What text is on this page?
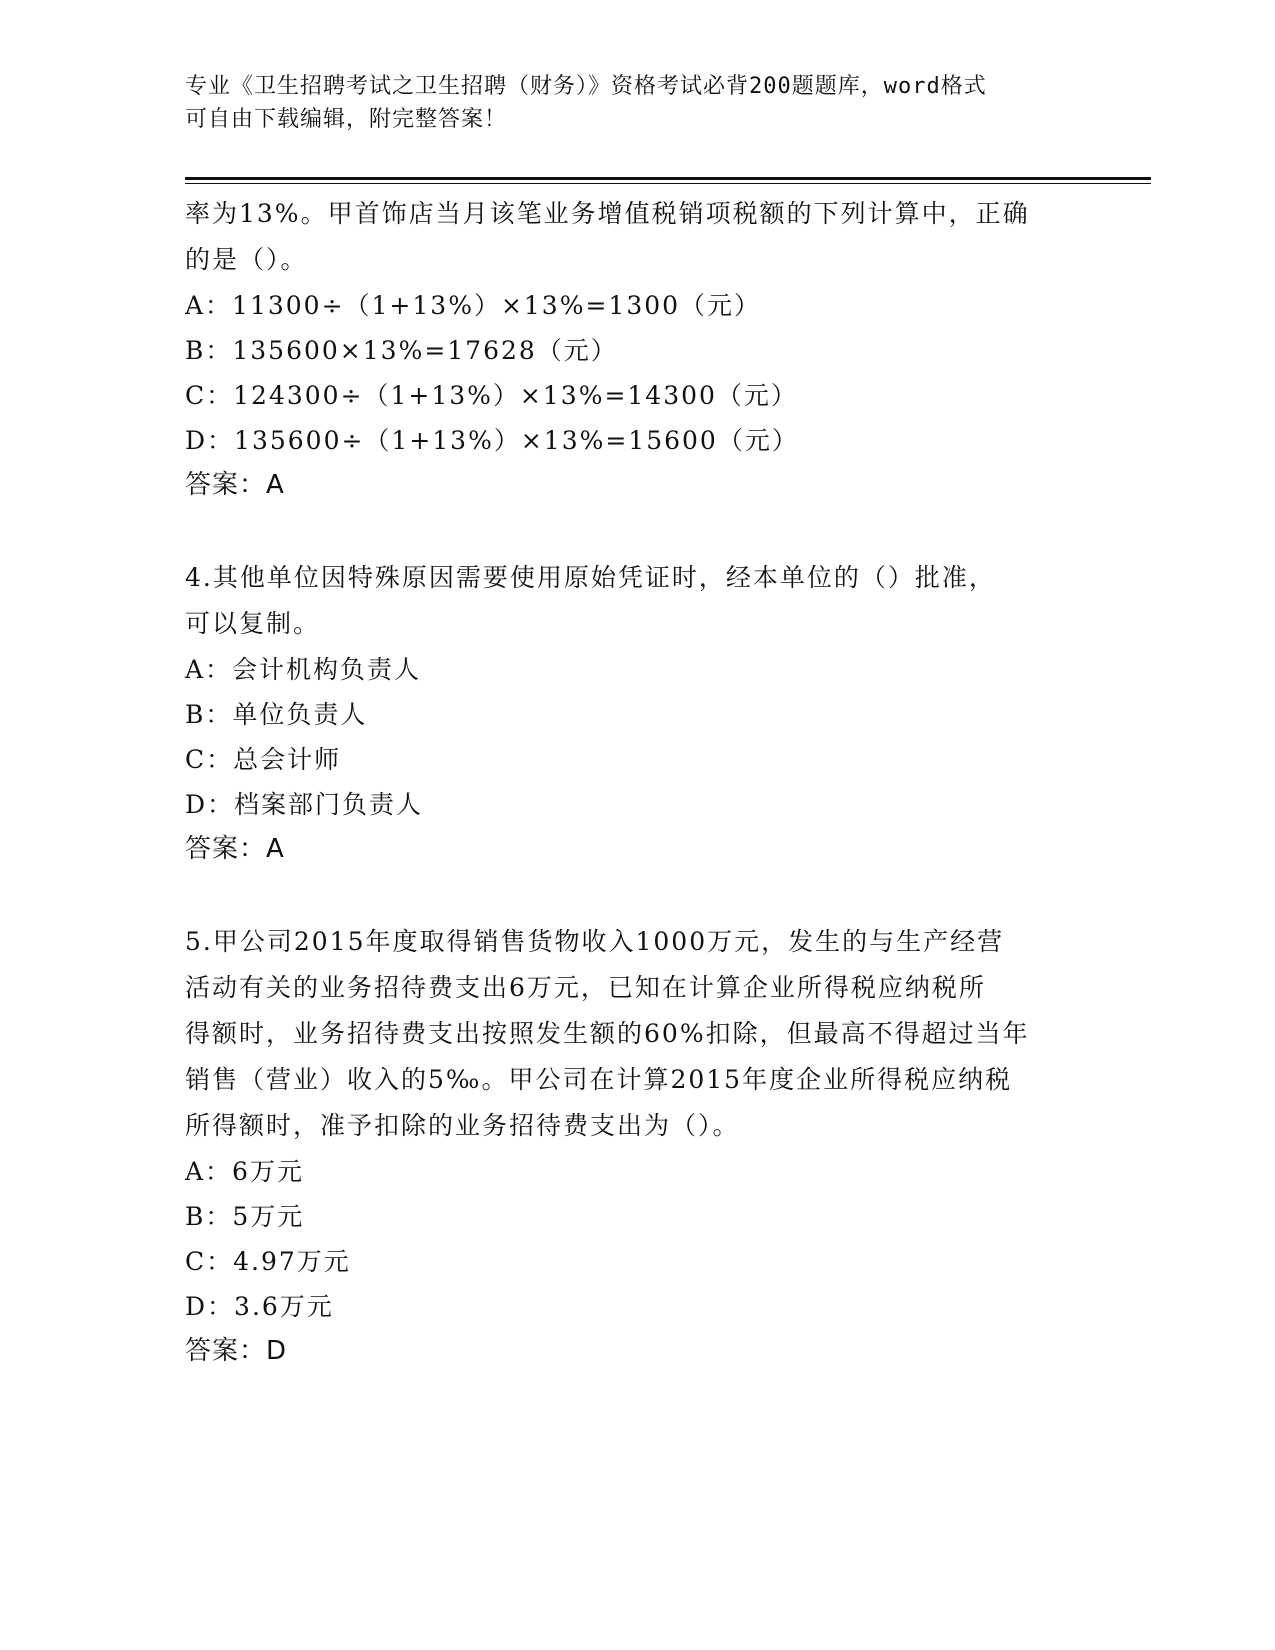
专业《卫生招聘考试之卫生招聘（财务）》资格考试必背200题题库，word格式
可自由下载编辑，附完整答案！
率为13%。甲首饰店当月该笔业务增值税销项税额的下列计算中，正确
的是（）。
A：11300÷（1+13%）×13%=1300（元）
B：135600×13%=17628（元）
C：124300÷（1+13%）×13%=14300（元）
D：135600÷（1+13%）×13%=15600（元）
答案：A
4.其他单位因特殊原因需要使用原始凭证时，经本单位的（）批准，
可以复制。
A：会计机构负责人
B：单位负责人
C：总会计师
D：档案部门负责人
答案：A
5.甲公司2015年度取得销售货物收入1000万元，发生的与生产经营
活动有关的业务招待费支出6万元，已知在计算企业所得税应纳税所
得额时，业务招待费支出按照发生额的60%扣除，但最高不得超过当年
销售（营业）收入的5‰。甲公司在计算2015年度企业所得税应纳税
所得额时，准予扣除的业务招待费支出为（）。
A：6万元
B：5万元
C：4.97万元
D：3.6万元
答案：D
